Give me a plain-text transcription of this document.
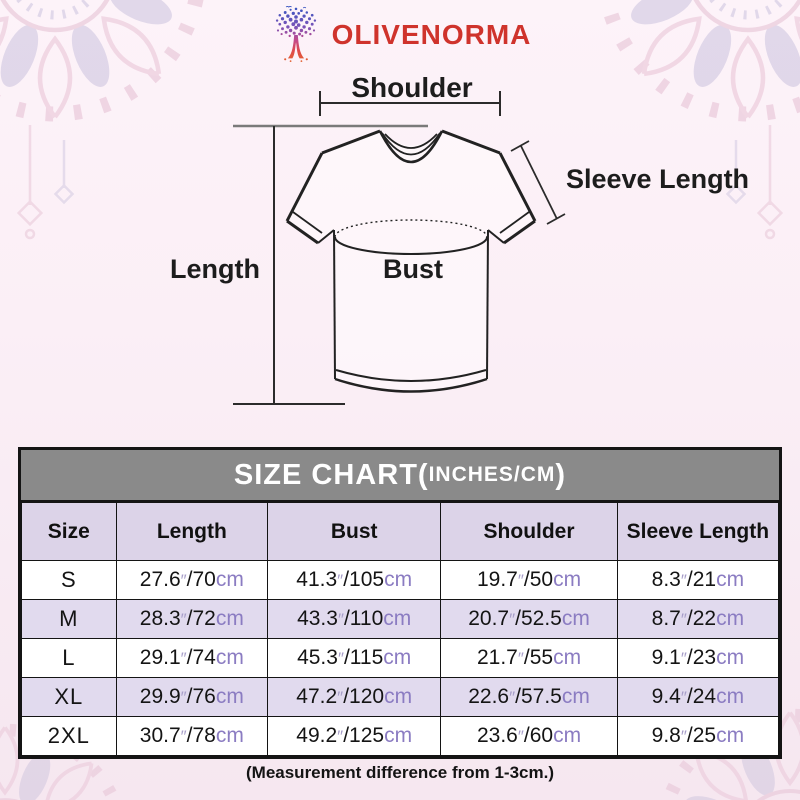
OLIVENORMA
Shoulder
Sleeve Length
Length	Bust
SIZE CHART( INCHES/CM )
Size	Length	Bust	Shoulder	Sleeve Length
S	27.6″/70cm	41.3″/105cm	19.7″/50cm	8.3″/21cm
M	28.3″/72cm	43.3″/110cm	20.7″/52.5cm	8.7″/22cm
L	29.1″/74cm	45.3″/115cm	21.7″/55cm	9.1″/23cm
XL	29.9″/76cm	47.2″/120cm	22.6″/57.5cm	9.4″/24cm
2XL	30.7″/78cm	49.2″/125cm	23.6″/60cm	9.8″/25cm
(Measurement difference from 1-3cm.)
